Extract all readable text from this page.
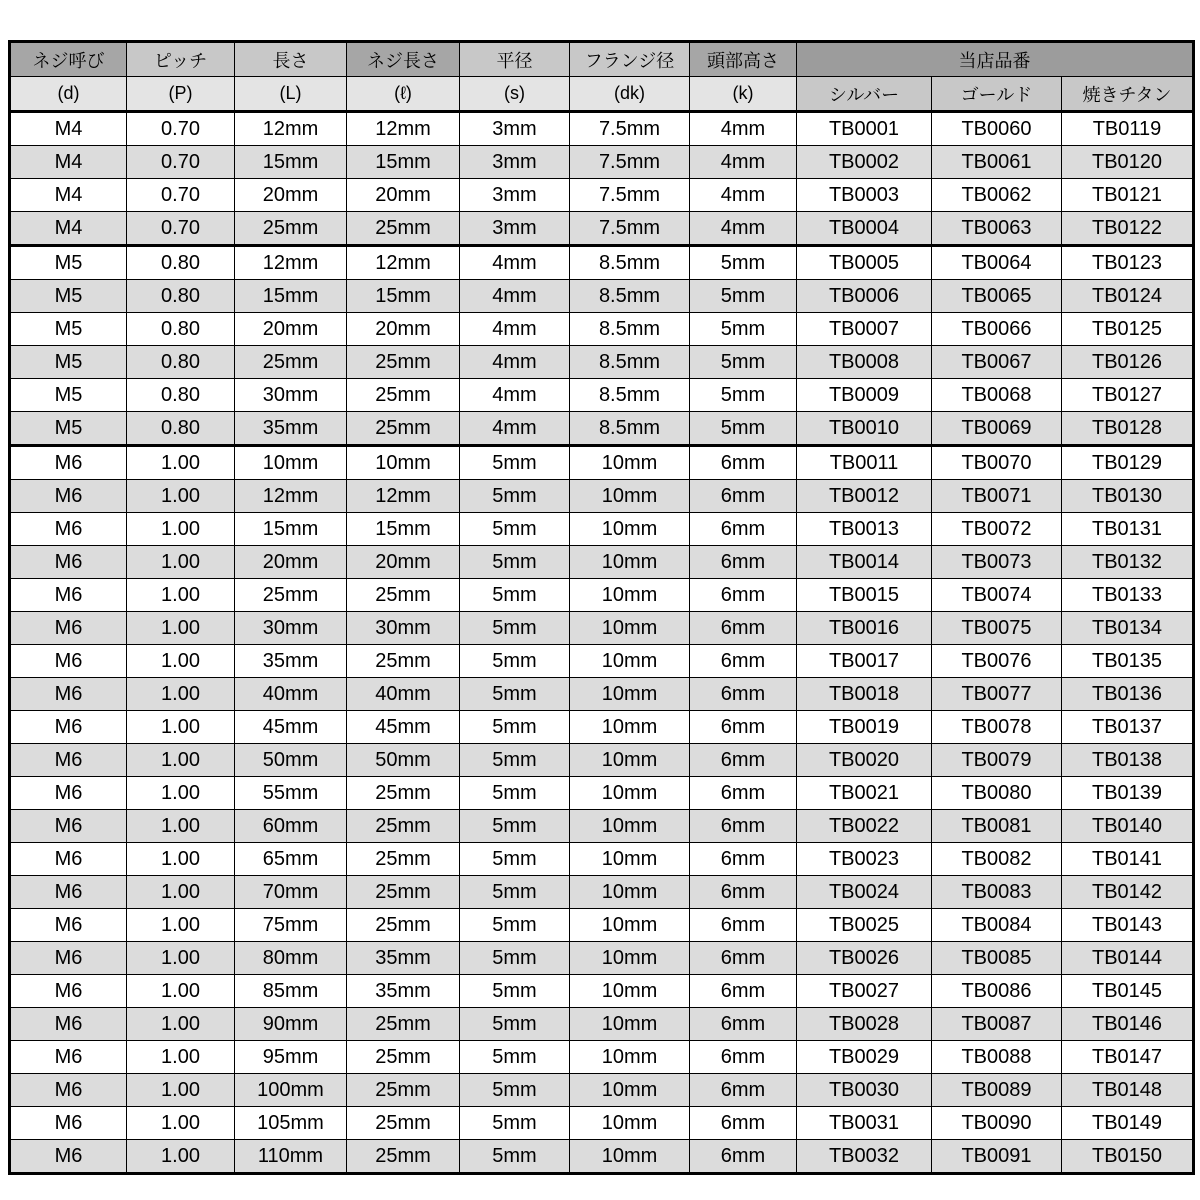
ネジ呼び	ピッチ	長さ	ネジ長さ	平径	フランジ径	頭部高さ	当店品番		
(d)	(P)	(L)	(ℓ)	(s)	(dk)	(k)	シルバー	ゴールド	焼きチタン
M4	0.70	12mm	12mm	3mm	7.5mm	4mm	TB0001	TB0060	TB0119
M4	0.70	15mm	15mm	3mm	7.5mm	4mm	TB0002	TB0061	TB0120
M4	0.70	20mm	20mm	3mm	7.5mm	4mm	TB0003	TB0062	TB0121
M4	0.70	25mm	25mm	3mm	7.5mm	4mm	TB0004	TB0063	TB0122
M5	0.80	12mm	12mm	4mm	8.5mm	5mm	TB0005	TB0064	TB0123
M5	0.80	15mm	15mm	4mm	8.5mm	5mm	TB0006	TB0065	TB0124
M5	0.80	20mm	20mm	4mm	8.5mm	5mm	TB0007	TB0066	TB0125
M5	0.80	25mm	25mm	4mm	8.5mm	5mm	TB0008	TB0067	TB0126
M5	0.80	30mm	25mm	4mm	8.5mm	5mm	TB0009	TB0068	TB0127
M5	0.80	35mm	25mm	4mm	8.5mm	5mm	TB0010	TB0069	TB0128
M6	1.00	10mm	10mm	5mm	10mm	6mm	TB0011	TB0070	TB0129
M6	1.00	12mm	12mm	5mm	10mm	6mm	TB0012	TB0071	TB0130
M6	1.00	15mm	15mm	5mm	10mm	6mm	TB0013	TB0072	TB0131
M6	1.00	20mm	20mm	5mm	10mm	6mm	TB0014	TB0073	TB0132
M6	1.00	25mm	25mm	5mm	10mm	6mm	TB0015	TB0074	TB0133
M6	1.00	30mm	30mm	5mm	10mm	6mm	TB0016	TB0075	TB0134
M6	1.00	35mm	25mm	5mm	10mm	6mm	TB0017	TB0076	TB0135
M6	1.00	40mm	40mm	5mm	10mm	6mm	TB0018	TB0077	TB0136
M6	1.00	45mm	45mm	5mm	10mm	6mm	TB0019	TB0078	TB0137
M6	1.00	50mm	50mm	5mm	10mm	6mm	TB0020	TB0079	TB0138
M6	1.00	55mm	25mm	5mm	10mm	6mm	TB0021	TB0080	TB0139
M6	1.00	60mm	25mm	5mm	10mm	6mm	TB0022	TB0081	TB0140
M6	1.00	65mm	25mm	5mm	10mm	6mm	TB0023	TB0082	TB0141
M6	1.00	70mm	25mm	5mm	10mm	6mm	TB0024	TB0083	TB0142
M6	1.00	75mm	25mm	5mm	10mm	6mm	TB0025	TB0084	TB0143
M6	1.00	80mm	35mm	5mm	10mm	6mm	TB0026	TB0085	TB0144
M6	1.00	85mm	35mm	5mm	10mm	6mm	TB0027	TB0086	TB0145
M6	1.00	90mm	25mm	5mm	10mm	6mm	TB0028	TB0087	TB0146
M6	1.00	95mm	25mm	5mm	10mm	6mm	TB0029	TB0088	TB0147
M6	1.00	100mm	25mm	5mm	10mm	6mm	TB0030	TB0089	TB0148
M6	1.00	105mm	25mm	5mm	10mm	6mm	TB0031	TB0090	TB0149
M6	1.00	110mm	25mm	5mm	10mm	6mm	TB0032	TB0091	TB0150
